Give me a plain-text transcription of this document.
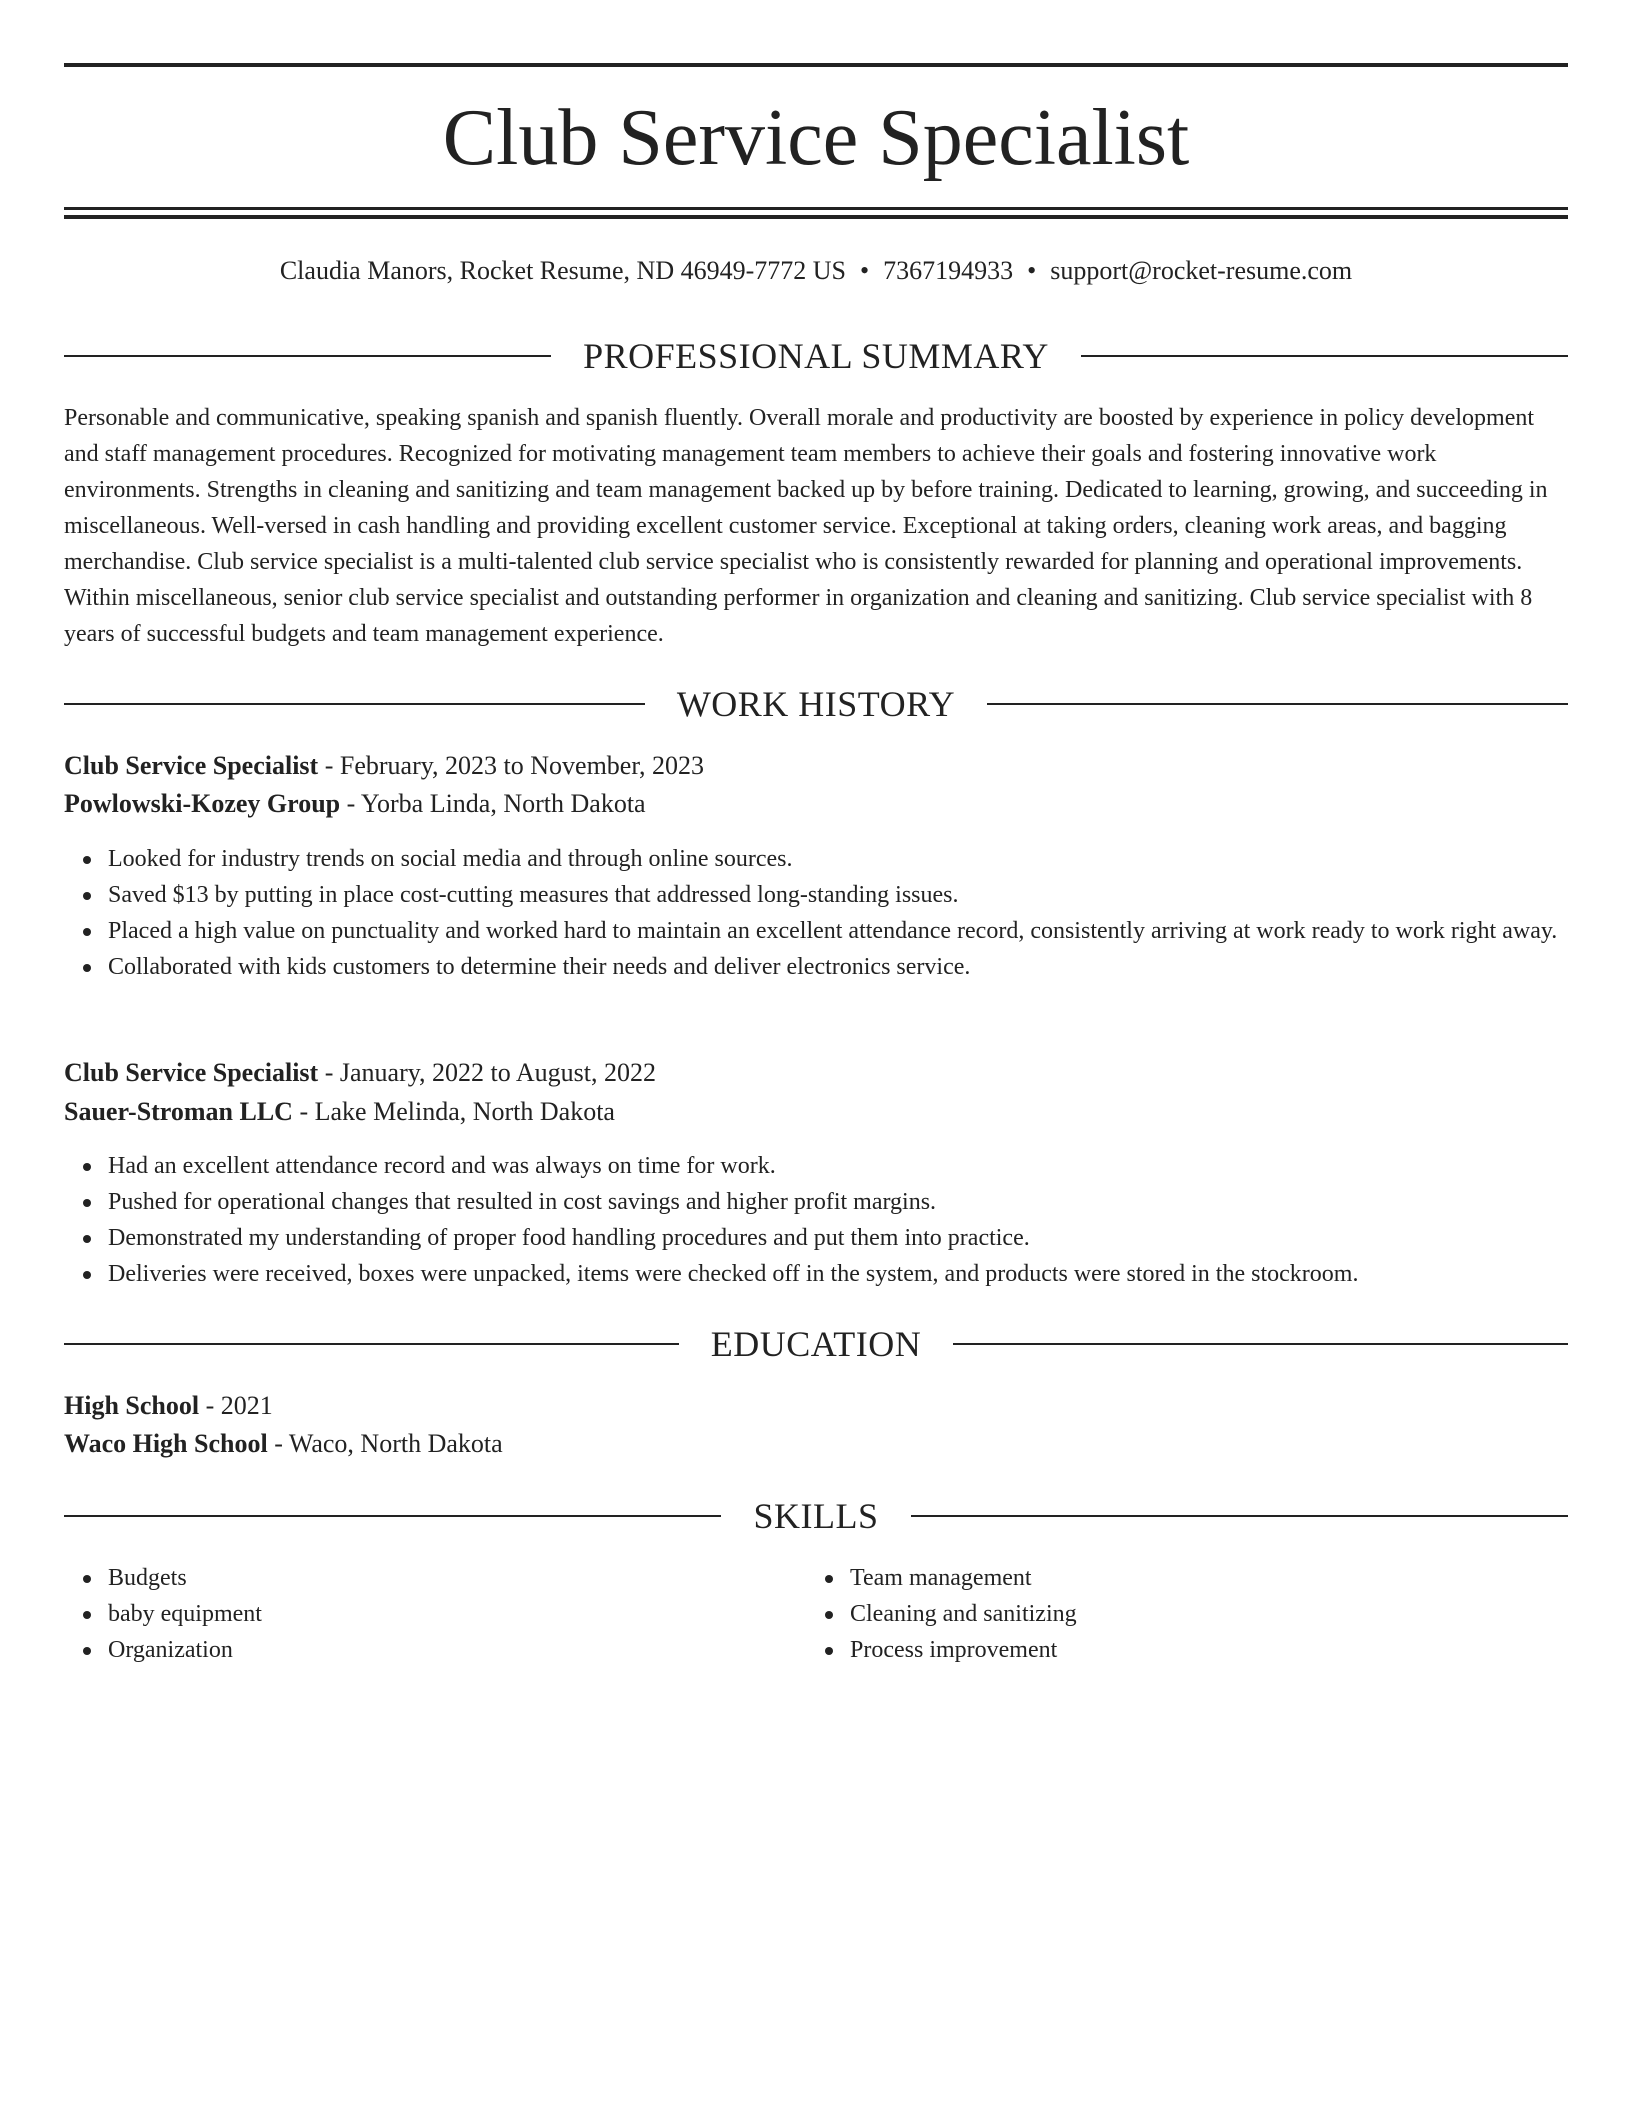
Club Service Specialist
Claudia Manors, Rocket Resume, ND 46949-7772 US • 7367194933 • support@rocket-resume.com
PROFESSIONAL SUMMARY

Personable and communicative, speaking spanish and spanish fluently. Overall morale and productivity are boosted by experience in policy development and staff management procedures. Recognized for motivating management team members to achieve their goals and fostering innovative work environments. Strengths in cleaning and sanitizing and team management backed up by before training. Dedicated to learning, growing, and succeeding in miscellaneous. Well-versed in cash handling and providing excellent customer service. Exceptional at taking orders, cleaning work areas, and bagging merchandise. Club service specialist is a multi-talented club service specialist who is consistently rewarded for planning and operational improvements. Within miscellaneous, senior club service specialist and outstanding performer in organization and cleaning and sanitizing. Club service specialist with 8 years of successful budgets and team management experience.

WORK HISTORY
Club Service Specialist - February, 2023 to November, 2023
Powlowski-Kozey Group - Yorba Linda, North Dakota
Looked for industry trends on social media and through online sources.
Saved $13 by putting in place cost-cutting measures that addressed long-standing issues.
Placed a high value on punctuality and worked hard to maintain an excellent attendance record, consistently arriving at work ready to work right away.
Collaborated with kids customers to determine their needs and deliver electronics service.
Club Service Specialist - January, 2022 to August, 2022
Sauer-Stroman LLC - Lake Melinda, North Dakota
Had an excellent attendance record and was always on time for work.
Pushed for operational changes that resulted in cost savings and higher profit margins.
Demonstrated my understanding of proper food handling procedures and put them into practice.
Deliveries were received, boxes were unpacked, items were checked off in the system, and products were stored in the stockroom.
EDUCATION
High School - 2021
Waco High School - Waco, North Dakota
SKILLS
Budgets
baby equipment
Organization
Team management
Cleaning and sanitizing
Process improvement
